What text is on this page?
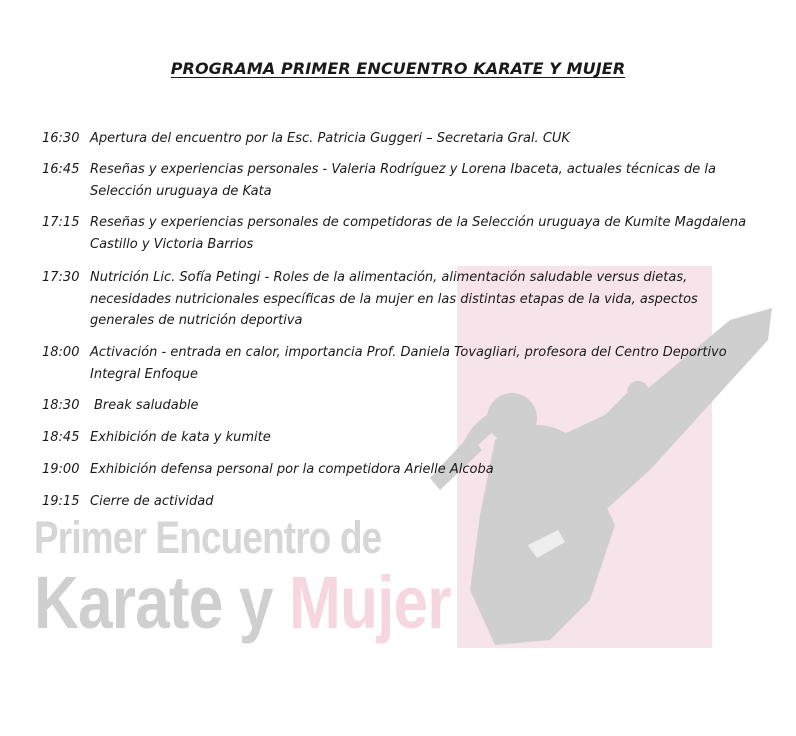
Primer Encuentro de
Karate y Mujer
PROGRAMA PRIMER ENCUENTRO KARATE Y MUJER
16:30 Apertura del encuentro por la Esc. Patricia Guggeri – Secretaria Gral. CUK
16:45 Reseñas y experiencias personales - Valeria Rodríguez y Lorena Ibaceta, actuales técnicas de la Selección uruguaya de Kata
17:15 Reseñas y experiencias personales de competidoras de la Selección uruguaya de Kumite Magdalena Castillo y Victoria Barrios
17:30 Nutrición Lic. Sofía Petingi - Roles de la alimentación, alimentación saludable versus dietas, necesidades nutricionales específicas de la mujer en las distintas etapas de la vida, aspectos generales de nutrición deportiva
18:00 Activación - entrada en calor, importancia Prof. Daniela Tovagliari, profesora del Centro Deportivo Integral Enfoque
18:30	Break saludable
18:45 Exhibición de kata y kumite
19:00 Exhibición defensa personal por la competidora Arielle Alcoba
19:15 Cierre de actividad
